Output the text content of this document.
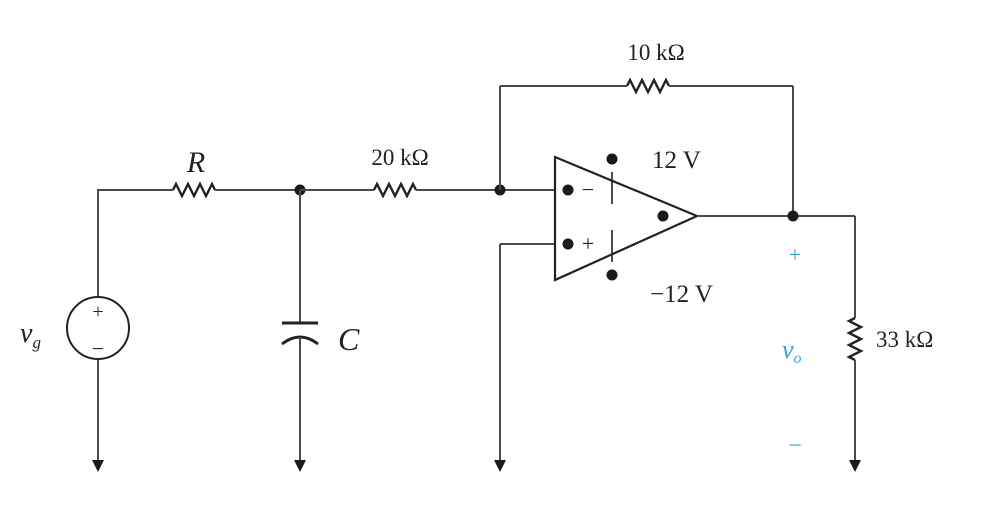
+
−
$v_g$
R
C
20 kΩ
10 kΩ
−
+
12 V
−12 V
33 kΩ
+
vo
−
